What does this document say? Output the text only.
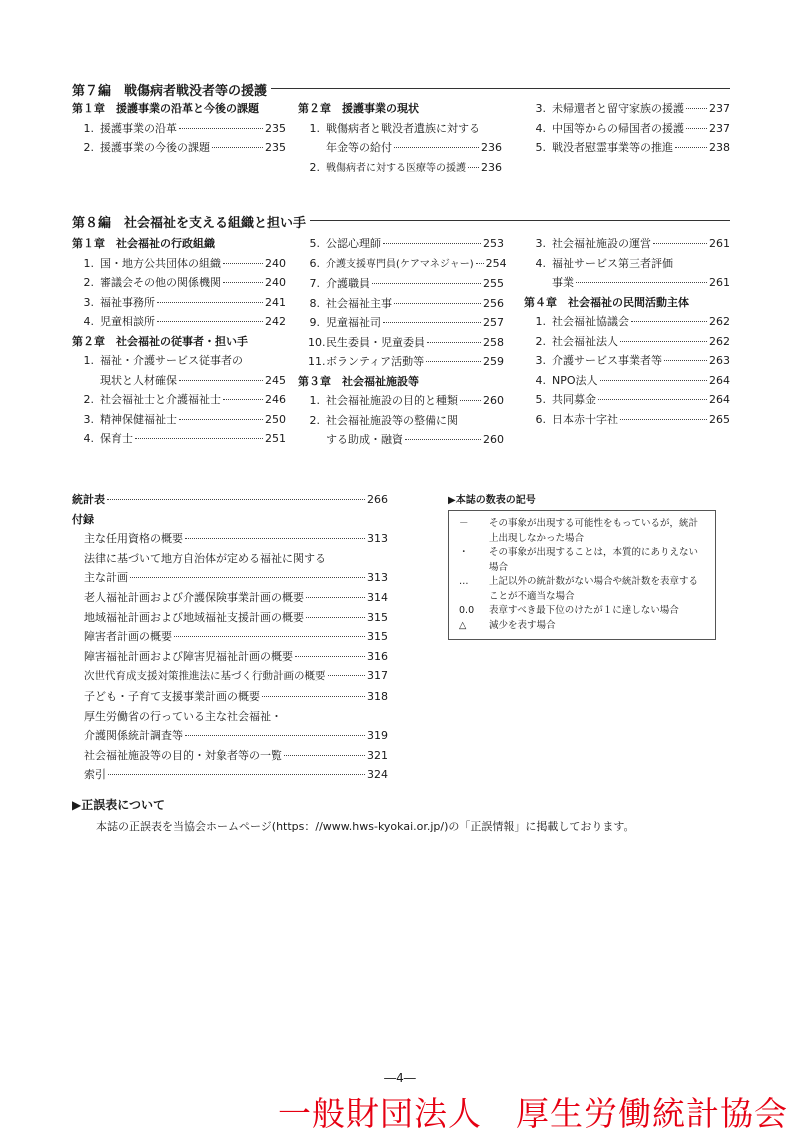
第７編　戦傷病者戦没者等の援護
第１章　援護事業の沿革と今後の課題
1. 援護事業の沿革	235
2. 援護事業の今後の課題	235
第２章　援護事業の現状
1. 戦傷病者と戦没者遺族に対する
年金等の給付	236
2. 戦傷病者に対する医療等の援護 236
3. 未帰還者と留守家族の援護 237
4. 中国等からの帰国者の援護 237
5. 戦没者慰霊事業等の推進	238
第８編　社会福祉を支える組織と担い手
第１章　社会福祉の行政組織
1. 国・地方公共団体の組織	240
2. 審議会その他の関係機関	240
3. 福祉事務所	241
4. 児童相談所	242
第２章　社会福祉の従事者・担い手
1. 福祉・介護サービス従事者の
現状と人材確保	245
2. 社会福祉士と介護福祉士	246
3. 精神保健福祉士	250
4. 保育士	251
5. 公認心理師	253
6. 介護支援専門員(ケアマネジャー) 254
7. 介護職員	255
8. 社会福祉主事	256
9. 児童福祉司	257
10. 民生委員・児童委員	258
11. ボランティア活動等	259
第３章　社会福祉施設等
1. 社会福祉施設の目的と種類 260
2. 社会福祉施設等の整備に関
する助成・融資	260
3. 社会福祉施設の運営	261
4. 福祉サービス第三者評価
事業	261
第４章　社会福祉の民間活動主体
1. 社会福祉協議会	262
2. 社会福祉法人	262
3. 介護サービス事業者等	263
4. NPO法人	264
5. 共同募金	264
6. 日本赤十字社	265
統計表	266
付録
主な任用資格の概要	313
法律に基づいて地方自治体が定める福祉に関する
主な計画	313
老人福祉計画および介護保険事業計画の概要	314
地域福祉計画および地域福祉支援計画の概要	315
障害者計画の概要	315
障害福祉計画および障害児福祉計画の概要	316
次世代育成支援対策推進法に基づく行動計画の概要	317
子ども・子育て支援事業計画の概要	318
厚生労働省の行っている主な社会福祉・
介護関係統計調査等	319
社会福祉施設等の目的・対象者等の一覧	321
索引	324
▶本誌の数表の記号
－	その事象が出現する可能性をもっているが，統計上出現しなかった場合
・	その事象が出現することは，本質的にありえない場合
…	上記以外の統計数がない場合や統計数を表章することが不適当な場合
0.0	表章すべき最下位のけたが１に達しない場合
△	減少を表す場合
▶正誤表について
本誌の正誤表を当協会ホームページ(https：//www.hws-kyokai.or.jp/)の「正誤情報」に掲載しております。
―4―
一般財団法人　厚生労働統計協会
